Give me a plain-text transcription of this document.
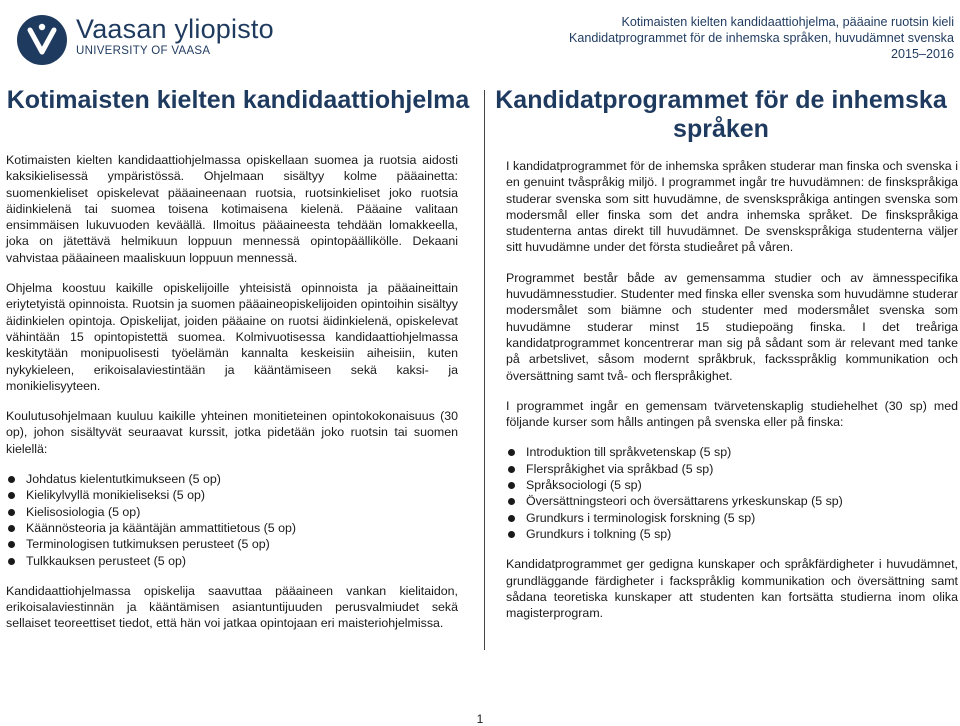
Vaasan yliopisto
UNIVERSITY OF VAASA
Kotimaisten kielten kandidaattiohjelma, pääaine ruotsin kieli
Kandidatprogrammet för de inhemska språken, huvudämnet svenska
2015–2016
Kotimaisten kielten kandidaattiohjelma Kandidatprogrammet för de inhemska språken

Kotimaisten kielten kandidaattiohjelmassa opiskellaan suomea ja ruotsia aidosti kaksikielisessä ympäristössä. Ohjelmaan sisältyy kolme pääainetta: suomenkieliset opiskelevat pääaineenaan ruotsia, ruotsinkieliset joko ruotsia äidinkielenä tai suomea toisena kotimaisena kielenä. Pääaine valitaan ensimmäisen lukuvuoden keväällä. Ilmoitus pääaineesta tehdään lomakkeella, joka on jätettävä helmikuun loppuun mennessä opintopäällikölle. Dekaani vahvistaa pääaineen maaliskuun loppuun mennessä.

Ohjelma koostuu kaikille opiskelijoille yhteisistä opinnoista ja pääaineittain eriytetyistä opinnoista. Ruotsin ja suomen pääaineopiskelijoiden opintoihin sisältyy äidinkielen opintoja. Opiskelijat, joiden pääaine on ruotsi äidinkielenä, opiskelevat vähintään 15 opintopistettä suomea. Kolmivuotisessa kandidaattiohjelmassa keskitytään monipuolisesti työelämän kannalta keskeisiin aiheisiin, kuten nykykieleen, erikoisalaviestintään ja kääntämiseen sekä kaksi- ja monikielisyyteen.

Koulutusohjelmaan kuuluu kaikille yhteinen monitieteinen opintokokonaisuus (30 op), johon sisältyvät seuraavat kurssit, jotka pidetään joko ruotsin tai suomen kielellä:

Johdatus kielentutkimukseen (5 op)
Kielikylvyllä monikieliseksi (5 op)
Kielisosiologia (5 op)
Käännösteoria ja kääntäjän ammattitietous (5 op)
Terminologisen tutkimuksen perusteet (5 op)
Tulkkauksen perusteet (5 op)

Kandidaattiohjelmassa opiskelija saavuttaa pääaineen vankan kielitaidon, erikoisalaviestinnän ja kääntämisen asiantuntijuuden perusvalmiudet sekä sellaiset teoreettiset tiedot, että hän voi jatkaa opintojaan eri maisteriohjelmissa.

I kandidatprogrammet för de inhemska språken studerar man finska och svenska i en genuint tvåspråkig miljö. I programmet ingår tre huvudämnen: de finskspråkiga studerar svenska som sitt huvudämne, de svenskspråkiga antingen svenska som modersmål eller finska som det andra inhemska språket. De finskspråkiga studenterna antas direkt till huvudämnet. De svenskspråkiga studenterna väljer sitt huvudämne under det första studieåret på våren.

Programmet består både av gemensamma studier och av ämnesspecifika huvudämnesstudier. Studenter med finska eller svenska som huvudämne studerar modersmålet som biämne och studenter med modersmålet svenska som huvudämne studerar minst 15 studiepoäng finska. I det treåriga kandidatprogrammet koncentrerar man sig på sådant som är relevant med tanke på arbetslivet, såsom modernt språkbruk, facksspråklig kommunikation och översättning samt två- och flerspråkighet.

I programmet ingår en gemensam tvärvetenskaplig studiehelhet (30 sp) med följande kurser som hålls antingen på svenska eller på finska:

Introduktion till språkvetenskap (5 sp)
Flerspråkighet via språkbad (5 sp)
Språksociologi (5 sp)
Översättningsteori och översättarens yrkeskunskap (5 sp)
Grundkurs i terminologisk forskning (5 sp)
Grundkurs i tolkning (5 sp)

Kandidatprogrammet ger gedigna kunskaper och språkfärdigheter i huvudämnet, grundläggande färdigheter i fackspråklig kommunikation och översättning samt sådana teoretiska kunskaper att studenten kan fortsätta studierna inom olika magisterprogram.

1
